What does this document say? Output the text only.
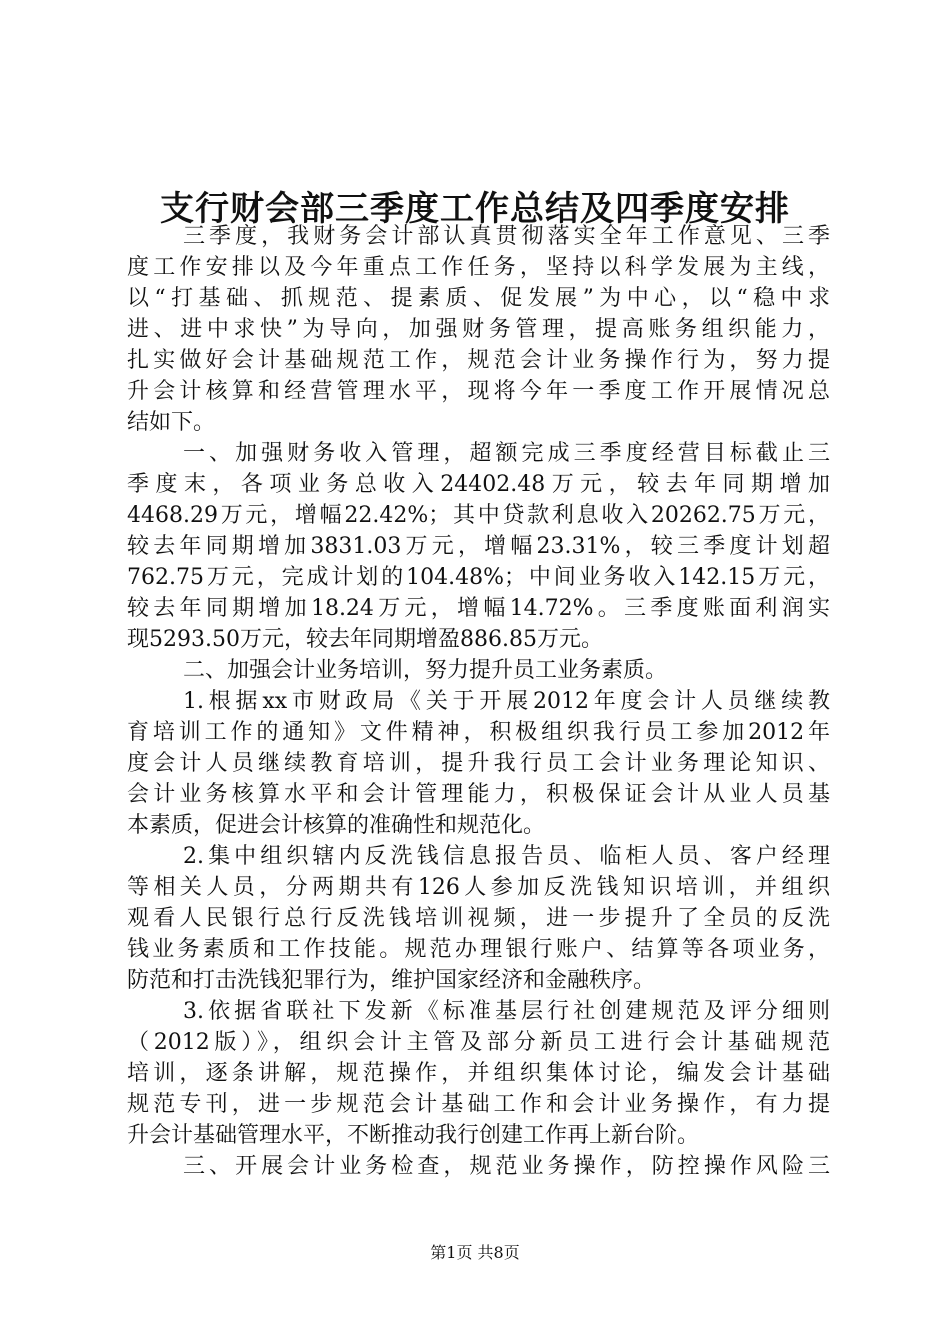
支行财会部三季度工作总结及四季度安排
三季度，我财务会计部认真贯彻落实全年工作意见、三季
度工作安排以及今年重点工作任务，坚持以科学发展为主线，
以“打基础、抓规范、提素质、促发展”为中心，以“稳中求
进、进中求快”为导向，加强财务管理，提高账务组织能力，
扎实做好会计基础规范工作，规范会计业务操作行为，努力提
升会计核算和经营管理水平，现将今年一季度工作开展情况总
结如下。
一、加强财务收入管理，超额完成三季度经营目标截止三
季度末，各项业务总收入24402.48万元，较去年同期增加
4468.29万元，增幅22.42%；其中贷款利息收入20262.75万元，
较去年同期增加3831.03万元，增幅23.31%，较三季度计划超
762.75万元，完成计划的104.48%；中间业务收入142.15万元，
较去年同期增加18.24万元，增幅14.72%。三季度账面利润实
现5293.50万元，较去年同期增盈886.85万元。
二、加强会计业务培训，努力提升员工业务素质。
1.根据xx市财政局《关于开展2012年度会计人员继续教
育培训工作的通知》文件精神，积极组织我行员工参加2012年
度会计人员继续教育培训，提升我行员工会计业务理论知识、
会计业务核算水平和会计管理能力，积极保证会计从业人员基
本素质，促进会计核算的准确性和规范化。
2.集中组织辖内反洗钱信息报告员、临柜人员、客户经理
等相关人员，分两期共有126人参加反洗钱知识培训，并组织
观看人民银行总行反洗钱培训视频，进一步提升了全员的反洗
钱业务素质和工作技能。规范办理银行账户、结算等各项业务，
防范和打击洗钱犯罪行为，维护国家经济和金融秩序。
3.依据省联社下发新《标准基层行社创建规范及评分细则
（2012版）》，组织会计主管及部分新员工进行会计基础规范
培训，逐条讲解，规范操作，并组织集体讨论，编发会计基础
规范专刊，进一步规范会计基础工作和会计业务操作，有力提
升会计基础管理水平，不断推动我行创建工作再上新台阶。
三、开展会计业务检查，规范业务操作，防控操作风险三
第1页 共8页
